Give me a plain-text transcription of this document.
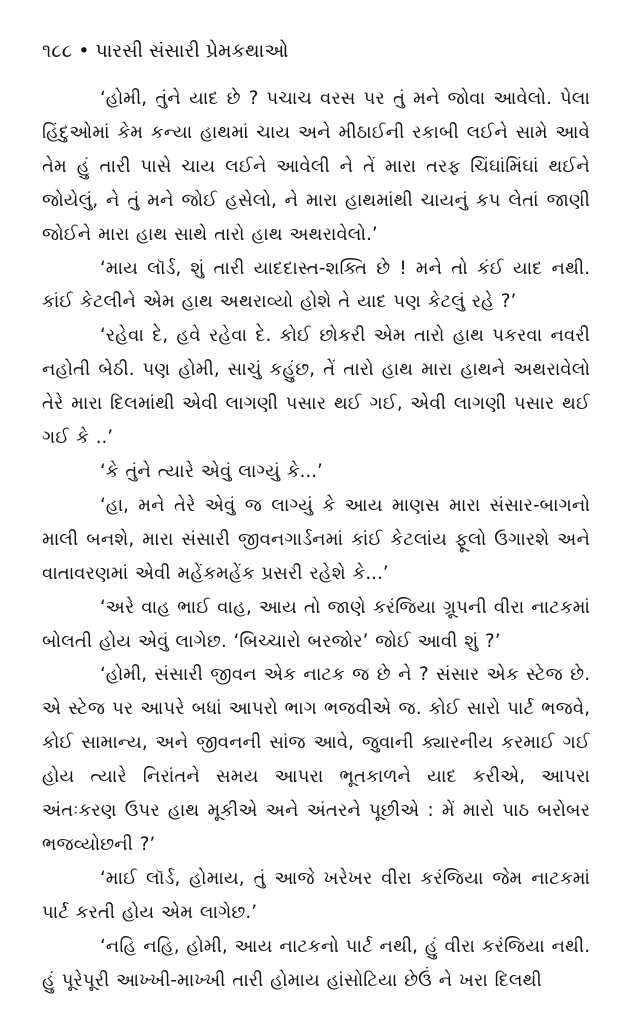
૧૮૮ • પારસી સંસારી પ્રેમકથાઓ

‘હોમી, તુંને યાદ છે ? પચાચ વરસ પર તું મને જોવા આવેલો. પેલા હિંદુઓમાં કેમ કન્યા હાથમાં ચાય અને મીઠાઈની રકાબી લઈને સામે આવે તેમ હું તારી પાસે ચાય લઈને આવેલી ને તેં મારા તરફ ચિંઘાંમિંઘાં થઈને જોયેલું, ને તું મને જોઈ હસેલો, ને મારા હાથમાંથી ચાયનું કપ લેતાં જાણી જોઈને મારા હાથ સાથે તારો હાથ અથરાવેલો.’

‘માય લૉર્ડ, શું તારી યાદદાસ્ત-શક્તિ છે ! મને તો કંઈ યાદ નથી. કાંઈ કેટલીને એમ હાથ અથરાવ્યો હોશે તે યાદ પણ કેટલું રહે ?’

‘રહેવા દે, હવે રહેવા દે. કોઈ છોકરી એમ તારો હાથ પકરવા નવરી નહોતી બેઠી. પણ હોમી, સાચું કહુંછ, તેં તારો હાથ મારા હાથને અથરાવેલો તેરે મારા દિલમાંથી એવી લાગણી પસાર થઈ ગઈ, એવી લાગણી પસાર થઈ ગઈ કે ..’

‘કે તુંને ત્યારે એવું લાગ્યું કે...’

‘હા, મને તેરે એવું જ લાગ્યું કે આય માણસ મારા સંસાર-બાગનો માલી બનશે, મારા સંસારી જીવનગાર્ડનમાં કાંઈ કેટલાંય ફૂલો ઉગારશે અને વાતાવરણમાં એવી મહેંકમહેંક પ્રસરી રહેશે કે...’

‘અરે વાહ ભાઈ વાહ, આય તો જાણે કરંજિયા ગ્રૂપની વીરા નાટકમાં બોલતી હોય એવું લાગેછ. ‘બિચ્ચારો બરજોર’ જોઈ આવી શું ?’

‘હોમી, સંસારી જીવન એક નાટક જ છે ને ? સંસાર એક સ્ટેજ છે. એ સ્ટેજ પર આપરે બધાં આપરો ભાગ ભજવીએ જ. કોઈ સારો પાર્ટ ભજવે, કોઈ સામાન્ય, અને જીવનની સાંજ આવે, જુવાની ક્યારનીય કરમાઈ ગઈ હોય ત્યારે નિરાંતને સમય આપરા ભૂતકાળને યાદ કરીએ, આપરા અંતઃકરણ ઉપર હાથ મૂકીએ અને અંતરને પૂછીએ : મેં મારો પાઠ બરોબર ભજવ્યોછની ?’

‘માઈ લૉર્ડ, હોમાય, તું આજે ખરેખર વીરા કરંજિયા જેમ નાટકમાં પાર્ટ કરતી હોય એમ લાગેછ.’

‘નહિ નહિ, હોમી, આય નાટકનો પાર્ટ નથી, હું વીરા કરંજિયા નથી. હું પૂરેપૂરી આખ્ખી-માખ્ખી તારી હોમાય હાંસોટિયા છેઉં ને ખરા દિલથી
